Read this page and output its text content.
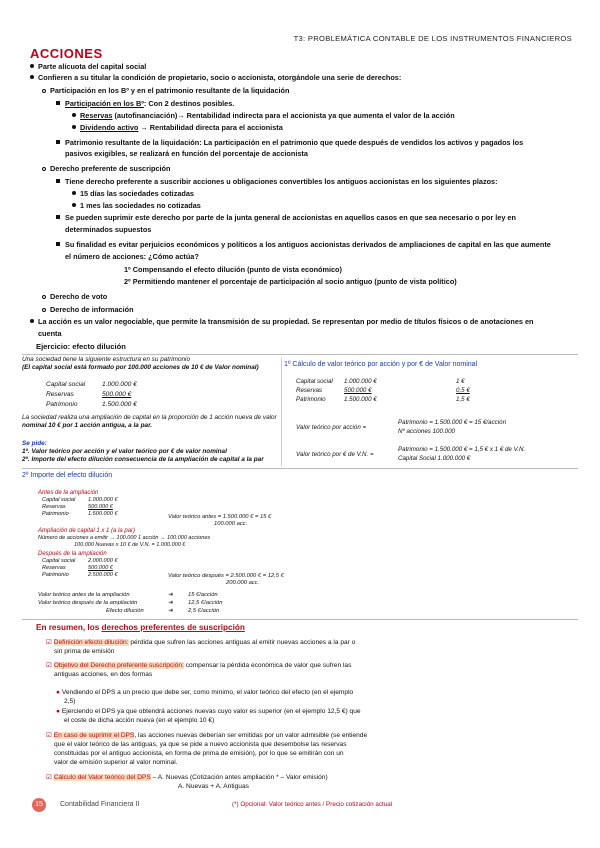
T3: PROBLEMÁTICA CONTABLE DE LOS INSTRUMENTOS FINANCIEROS
ACCIONES
Parte alícuota del capital social
Confieren a su titular la condición de propietario, socio o accionista, otorgándole una serie de derechos:
Participación en los Bº y en el patrimonio resultante de la liquidación
Participación en los Bº: Con 2 destinos posibles.
Reservas (autofinanciación)→ Rentabilidad indirecta para el accionista ya que aumenta el valor de la acción
Dividendo activo → Rentabilidad directa para el accionista
Patrimonio resultante de la liquidación: La participación en el patrimonio que quede después de vendidos los activos y pagados los
pasivos exigibles, se realizará en función del porcentaje de accionista
Derecho preferente de suscripción
Tiene derecho preferente a suscribir acciones u obligaciones convertibles los antiguos accionistas en los siguientes plazos:
15 días las sociedades cotizadas
1 mes las sociedades no cotizadas
Se pueden suprimir este derecho por parte de la junta general de accionistas en aquellos casos en que sea necesario o por ley en
determinados supuestos
Su finalidad es evitar perjuicios económicos y políticos a los antiguos accionistas derivados de ampliaciones de capital en las que aumente
el número de acciones: ¿Cómo actúa?
1º Compensando el efecto dilución (punto de vista económico)
2º Permitiendo mantener el porcentaje de participación al socio antiguo (punto de vista político)
Derecho de voto
Derecho de información
La acción es un valor negociable, que permite la transmisión de su propiedad. Se representan por medio de títulos físicos o de anotaciones en
cuenta
Ejercicio: efecto dilución
Una sociedad tiene la siguiente estructura en su patrimonio
(El capital social está formado por 100.000 acciones de 10 € de Valor nominal)
Capital social	1.000.000 €
Reservas	500.000 €
Patrimonio	1.500.000 €
La sociedad realiza una ampliación de capital en la proporción de 1 acción nueva de valor
nominal 10 € por 1 acción antigua, a la par.
Se pide:
1º. Valor teórico por acción y el valor teórico por € de valor nominal
2º. Importe del efecto dilución consecuencia de la ampliación de capital a la par
1º Cálculo de valor teórico por acción y por € de Valor nominal
Capital social 1.000.000 €	1 €
Reservas	500.000 €	0,5 €
Patrimonio	1.500.000 €	1,5 €
Valor teórico por acción =
Patrimonio = 1.500.000 € = 15 €/acción
Nº acciones 100.000
Valor teórico por € de V.N. =
Patrimonio = 1.500.000 € = 1,5 € x 1 € de V.N.
Capital Social 1.000.000 €
2º Importe del efecto dilución
Antes de la ampliación
Capital social 1.000.000 €
Reservas	500.000 €
Patrimonio	1.500.000 €	Valor teórico antes = 1.500.000 € = 15 €
100.000 acc.
Ampliación de capital 1 x 1 (a la par)
Número de acciones a emitir → 100.000 1 acción → 100.000 acciones
100.000 Nuevas x 10 € de V.N. = 1.000.000 €
Después de la ampliación
Capital social 2.000.000 €
Reservas	500.000 €
Patrimonio	2.500.000 €	Valor teórico después = 2.500.000 € = 12,5 €
200.000 acc.
Valor teórico antes de la ampliación	➔	15 €/acción
Valor teórico después de la ampliación	➔	12,5 €/acción
Efecto dilución	➔	2,5 €/acción
En resumen, los derechos preferentes de suscripción
☑ Definición efecto dilución: pérdida que sufren las acciones antiguas al emitir nuevas acciones a la par o
sin prima de emisión
☑ Objetivo del Derecho preferente suscripción: compensar la pérdida económica de valor que sufren las
antiguas acciones, en dos formas
● Vendiendo el DPS a un precio que debe ser, como mínimo, el valor teórico del efecto (en el ejemplo
2,5)
● Ejerciendo el DPS ya que obtendrá acciones nuevas cuyo valor es superior (en el ejemplo 12,5 €) que
el coste de dicha acción nueva (en el ejemplo 10 €)
☑ En caso de suprimir el DPS, las acciones nuevas deberían ser emitidas por un valor admisible (se entiende
que el valor teórico de las antiguas, ya que se pide a nuevo accionista que desembolse las reservas
constituidas por el antiguo accionista, en forma de prima de emisión), por lo que se emitirán con un
valor de emisión superior al valor nominal.
☑ Cálculo del Valor teórico del DPS – A. Nuevas (Cotización antes ampliación * – Valor emisión)
A. Nuevas + A. Antiguas
15	Contabilidad Financiera II	(*) Opcional: Valor teórico antes / Precio cotización actual
